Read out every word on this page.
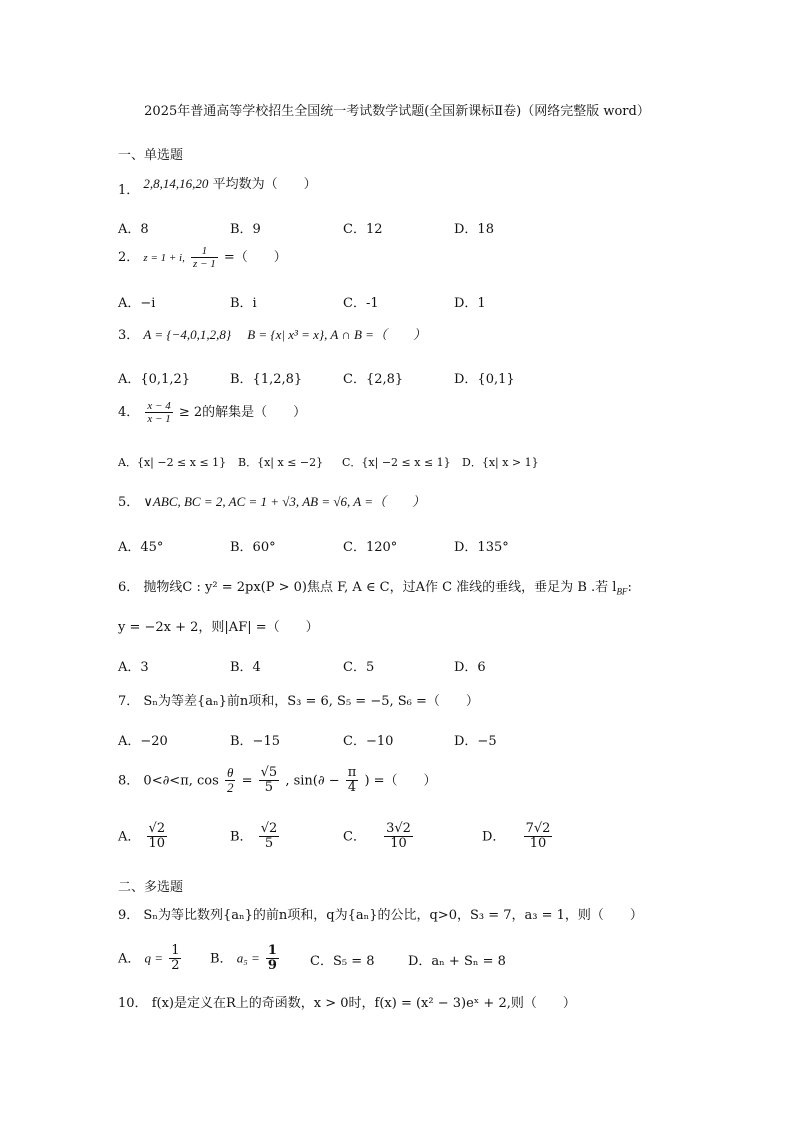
2025年普通高等学校招生全国统一考试数学试题(全国新课标Ⅱ卷)（网络完整版 word）
一、单选题
1． 2,8,14,16,20 平均数为（　　）
A．8	B．9	C．12	D．18
2． z = 1 + i, $\frac{1}{z - 1}$ =（　　）
A．−i	B．i	C．-1	D．1
3． A = {−4,0,1,2,8} B = {x| x³ = x}, A ∩ B =（　　）
A．{0,1,2}	B．{1,2,8}	C．{2,8}	D．{0,1}
4． $\frac{x - 4}{x - 1} \ge 2$的解集是（　　）
A．{x| −2 ≤ x ≤ 1} B．{x| x ≤ −2} C．{x| −2 ≤ x ≤ 1} D．{x| x > 1}
5． ∨ABC, BC = 2, AC = 1 + √3, AB = √6, A =（　　）
A．45°	B．60°	C．120°	D．135°
6． 抛物线C : y² = 2px(P > 0)焦点 F, A ∈ C，过A作 C 准线的垂线，垂足为 B .若 $l_{BF}$:
y = −2x + 2，则|AF| =（　　）
A．3	B．4	C．5	D．6
7． Sₙ为等差{aₙ}前n项和，S₃ = 6, S₅ = −5, S₆ =（　　）
A．−20	B．−15	C．−10	D．−5
8． 0<∂<π, $\cos \frac{\theta}{2} = \frac{√5}{5}$ , $\sin(\partial - \frac{\pi}{4}$ ) =（　　）
A． $\frac{√2}{10}$	B． $\frac{√2}{5}$	C． $\frac{3√2}{10}$	D． $\frac{7√2}{10}$
二、多选题
9． Sₙ为等比数列{aₙ}的前n项和，q为{aₙ}的公比，q>0，S₃ = 7，a₃ = 1，则（　　）
A． $q = \frac{1}{2}$ B． $a_5 = \frac{1}{9}$ C．S₅ = 8	D．aₙ + Sₙ = 8
10． f(x)是定义在R上的奇函数，x > 0时，f(x) = (x² − 3)eˣ + 2,则（　　）
